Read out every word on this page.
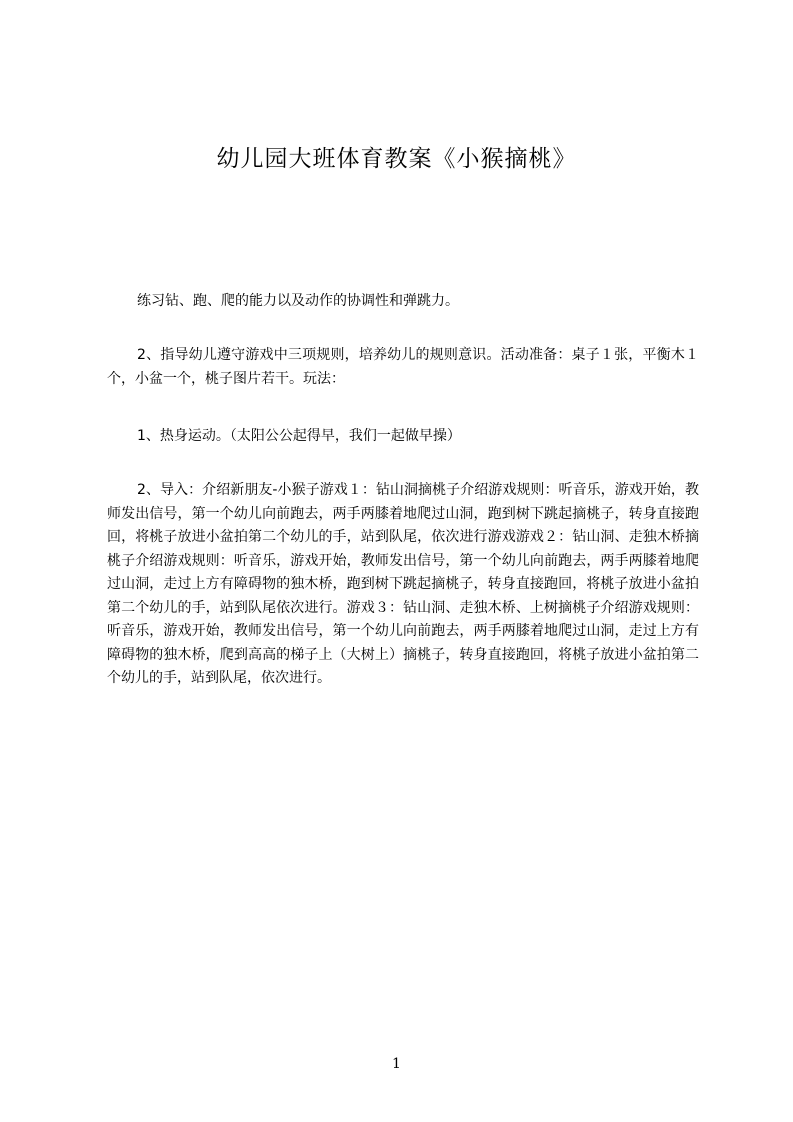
幼儿园大班体育教案《小猴摘桃》

练习钻、跑、爬的能力以及动作的协调性和弹跳力。

2、指导幼儿遵守游戏中三项规则，培养幼儿的规则意识。活动准备：桌子１张，平衡木１个，小盆一个，桃子图片若干。玩法：

1、热身运动。（太阳公公起得早，我们一起做早操）

2、导入：介绍新朋友-小猴子游戏１：钻山洞摘桃子介绍游戏规则：听音乐，游戏开始，教师发出信号，第一个幼儿向前跑去，两手两膝着地爬过山洞，跑到树下跳起摘桃子，转身直接跑回，将桃子放进小盆拍第二个幼儿的手，站到队尾，依次进行游戏游戏２：钻山洞、走独木桥摘桃子介绍游戏规则：听音乐，游戏开始，教师发出信号，第一个幼儿向前跑去，两手两膝着地爬过山洞，走过上方有障碍物的独木桥，跑到树下跳起摘桃子，转身直接跑回，将桃子放进小盆拍第二个幼儿的手，站到队尾依次进行。游戏３：钻山洞、走独木桥、上树摘桃子介绍游戏规则：听音乐，游戏开始，教师发出信号，第一个幼儿向前跑去，两手两膝着地爬过山洞，走过上方有障碍物的独木桥，爬到高高的梯子上（大树上）摘桃子，转身直接跑回，将桃子放进小盆拍第二个幼儿的手，站到队尾，依次进行。

1
